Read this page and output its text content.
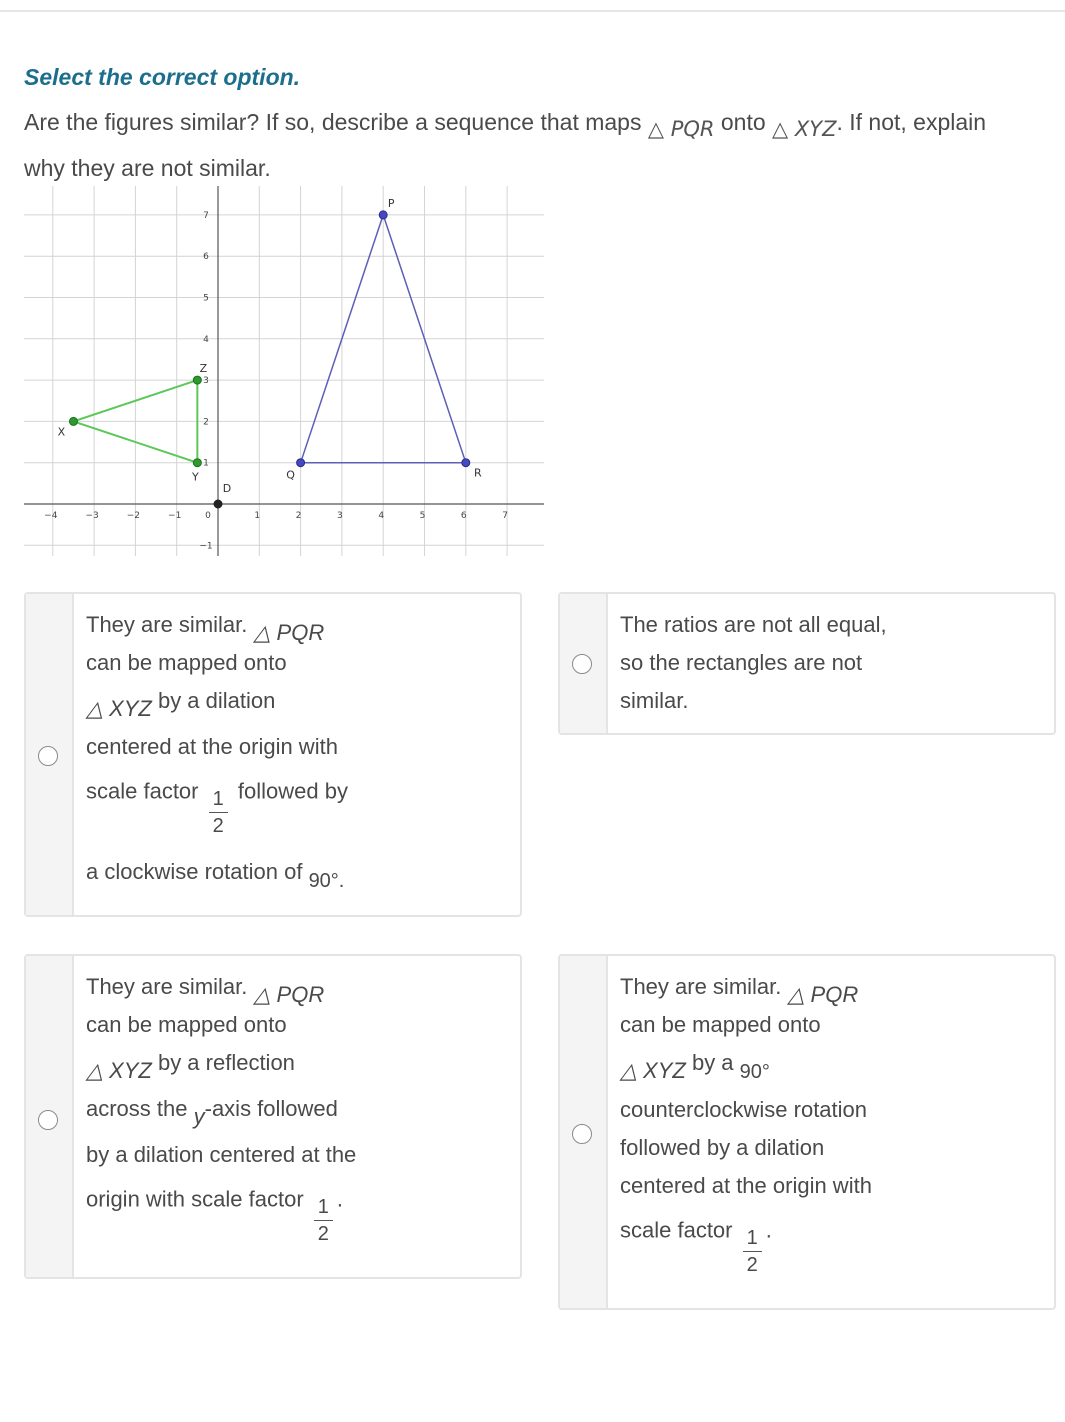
Select the correct option.
Are the figures similar? If so, describe a sequence that maps △ PQR onto △ XYZ. If not, explain why they are not similar.
−4	−3	−2	−1	0	1	2	3	4	5	6	7
−1
1
2
3
4
5
6
7
X
Y
Z
P
Q	R
D
They are similar. △ PQR
can be mapped onto
△ XYZ by a dilation
centered at the origin with
scale factor $\frac{1}{2}$ followed by
a clockwise rotation of 90°.
The ratios are not all equal,
so the rectangles are not
similar.
They are similar. △ PQR
can be mapped onto
△ XYZ by a reflection
across the y-axis followed
by a dilation centered at the
origin with scale factor $\frac{1}{2}$ .
They are similar. △ PQR
can be mapped onto
△ XYZ by a 90°
counterclockwise rotation
followed by a dilation
centered at the origin with
scale factor $\frac{1}{2}$ .
